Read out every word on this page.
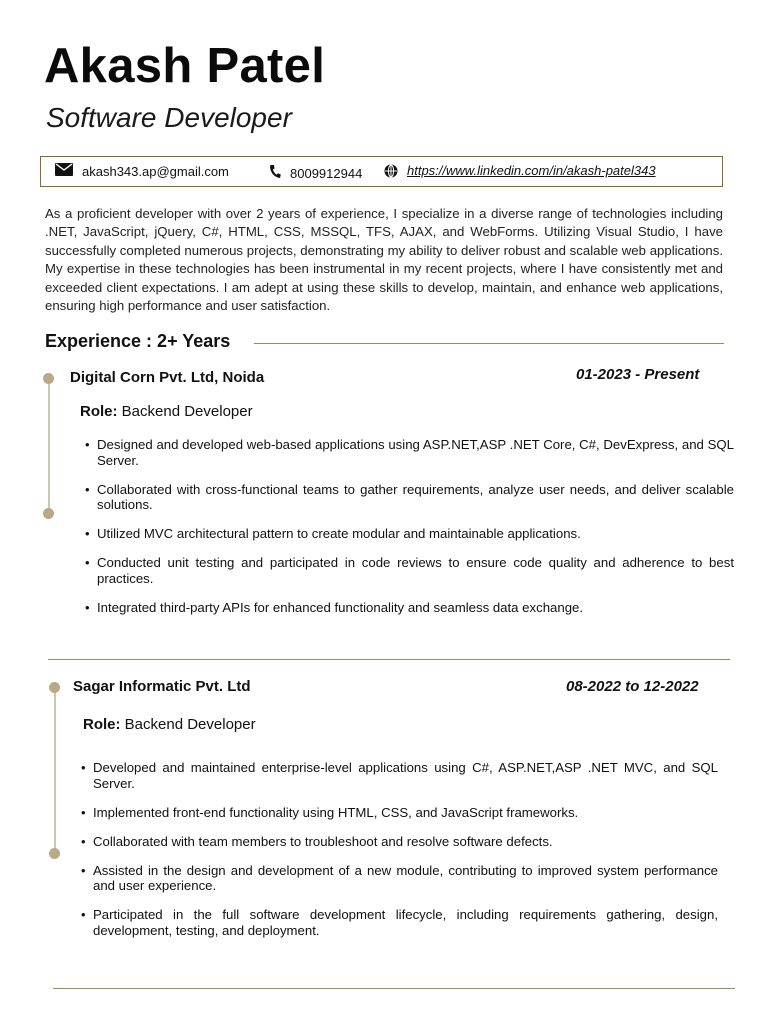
Akash Patel
Software Developer
akash343.ap@gmail.com	8009912944	https://www.linkedin.com/in/akash-patel343
As a proficient developer with over 2 years of experience, I specialize in a diverse range of technologies including .NET, JavaScript, jQuery, C#, HTML, CSS, MSSQL, TFS, AJAX, and WebForms. Utilizing Visual Studio, I have successfully completed numerous projects, demonstrating my ability to deliver robust and scalable web applications. My expertise in these technologies has been instrumental in my recent projects, where I have consistently met and exceeded client expectations. I am adept at using these skills to develop, maintain, and enhance web applications, ensuring high performance and user satisfaction.
Experience : 2+ Years
Digital Corn Pvt. Ltd, Noida	01-2023 - Present
Role: Backend Developer
• Designed and developed web-based applications using ASP.NET,ASP .NET Core, C#, DevExpress, and SQL Server.
• Collaborated with cross-functional teams to gather requirements, analyze user needs, and deliver scalable solutions.
• Utilized MVC architectural pattern to create modular and maintainable applications.
• Conducted unit testing and participated in code reviews to ensure code quality and adherence to best practices.
• Integrated third-party APIs for enhanced functionality and seamless data exchange.
Sagar Informatic Pvt. Ltd	08-2022 to 12-2022
Role: Backend Developer
• Developed and maintained enterprise-level applications using C#, ASP.NET,ASP .NET MVC, and SQL Server.
• Implemented front-end functionality using HTML, CSS, and JavaScript frameworks.
• Collaborated with team members to troubleshoot and resolve software defects.
• Assisted in the design and development of a new module, contributing to improved system performance and user experience.
• Participated in the full software development lifecycle, including requirements gathering, design, development, testing, and deployment.
